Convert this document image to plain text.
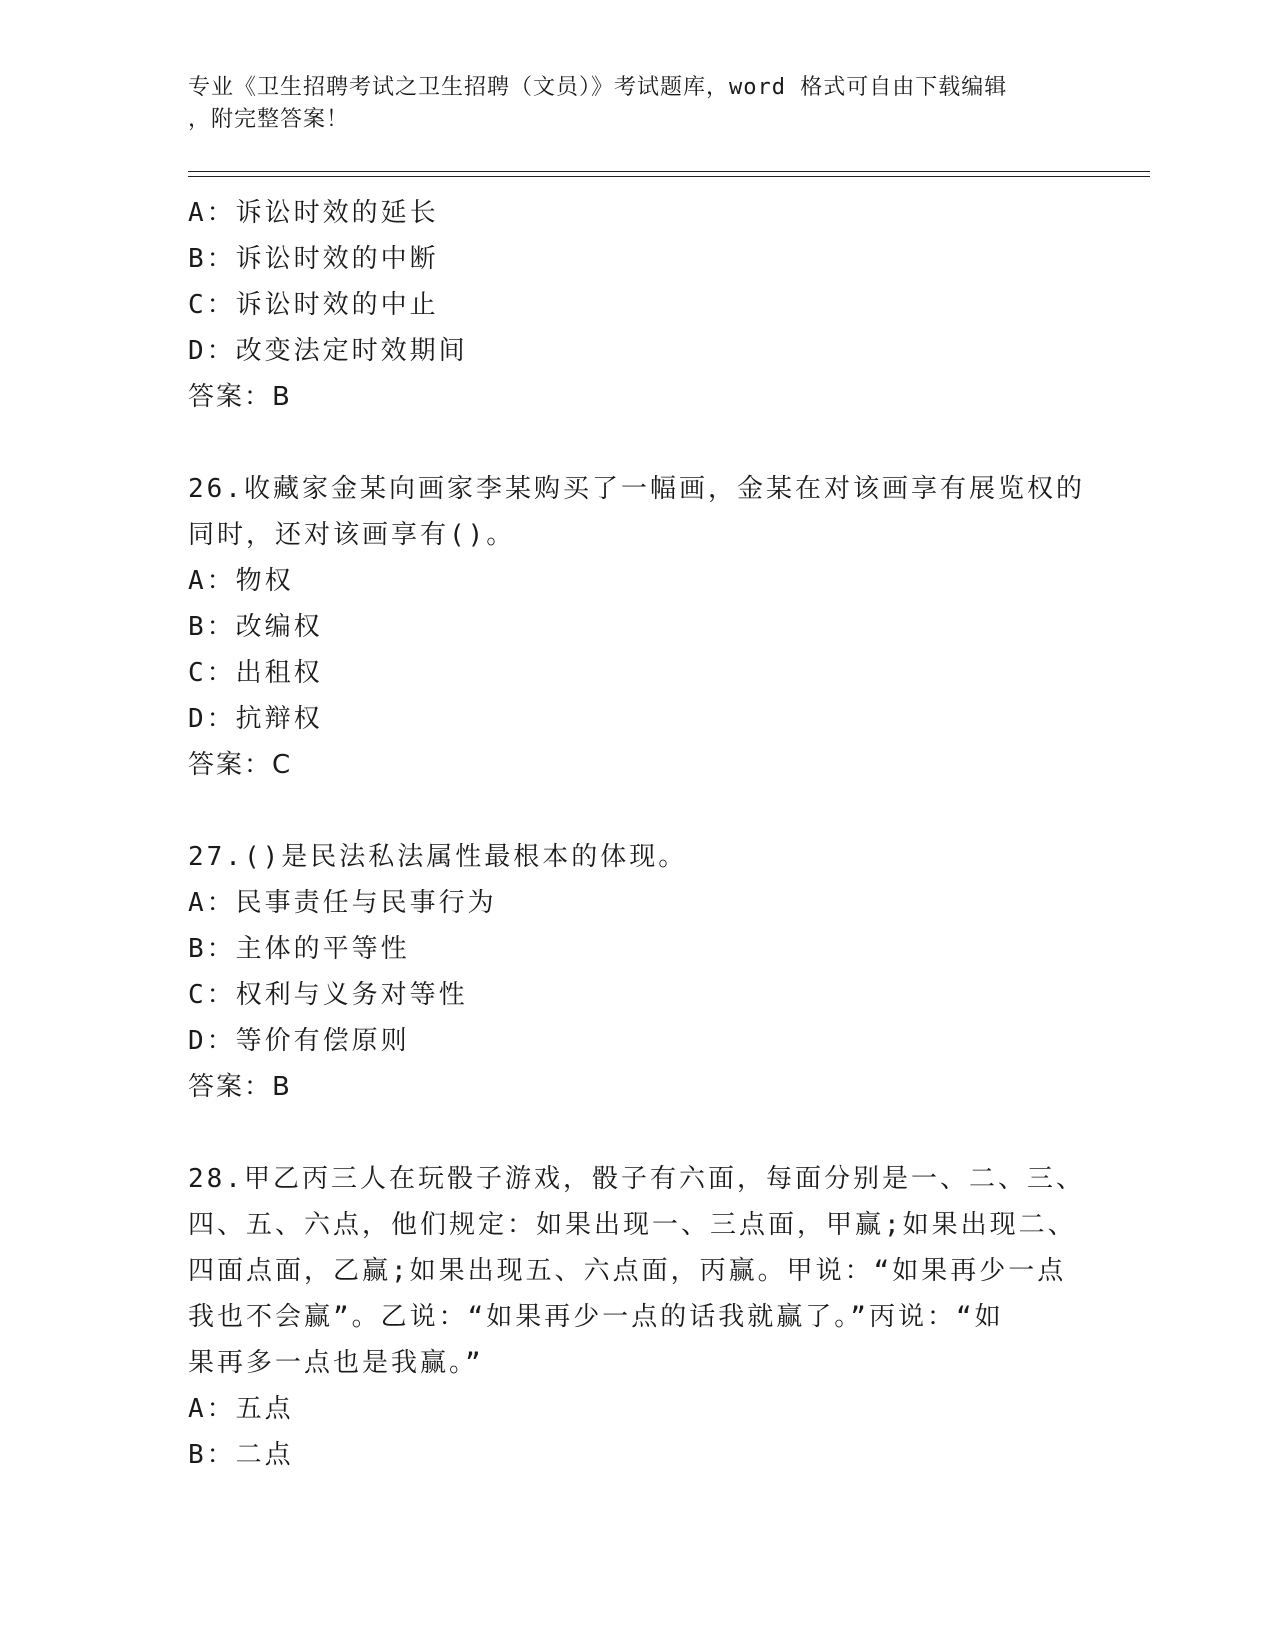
专业《卫生招聘考试之卫生招聘（文员）》考试题库，word 格式可自由下载编辑
，附完整答案！
A：诉讼时效的延长
B：诉讼时效的中断
C：诉讼时效的中止
D：改变法定时效期间
答案：B
26.收藏家金某向画家李某购买了一幅画，金某在对该画享有展览权的
同时，还对该画享有()。
A：物权
B：改编权
C：出租权
D：抗辩权
答案：C
27.()是民法私法属性最根本的体现。
A：民事责任与民事行为
B：主体的平等性
C：权利与义务对等性
D：等价有偿原则
答案：B
28.甲乙丙三人在玩骰子游戏，骰子有六面，每面分别是一、二、三、
四、五、六点，他们规定：如果出现一、三点面，甲赢;如果出现二、
四面点面，乙赢;如果出现五、六点面，丙赢。甲说：“如果再少一点
我也不会赢”。乙说：“如果再少一点的话我就赢了。”丙说：“如
果再多一点也是我赢。”
A：五点
B：二点
